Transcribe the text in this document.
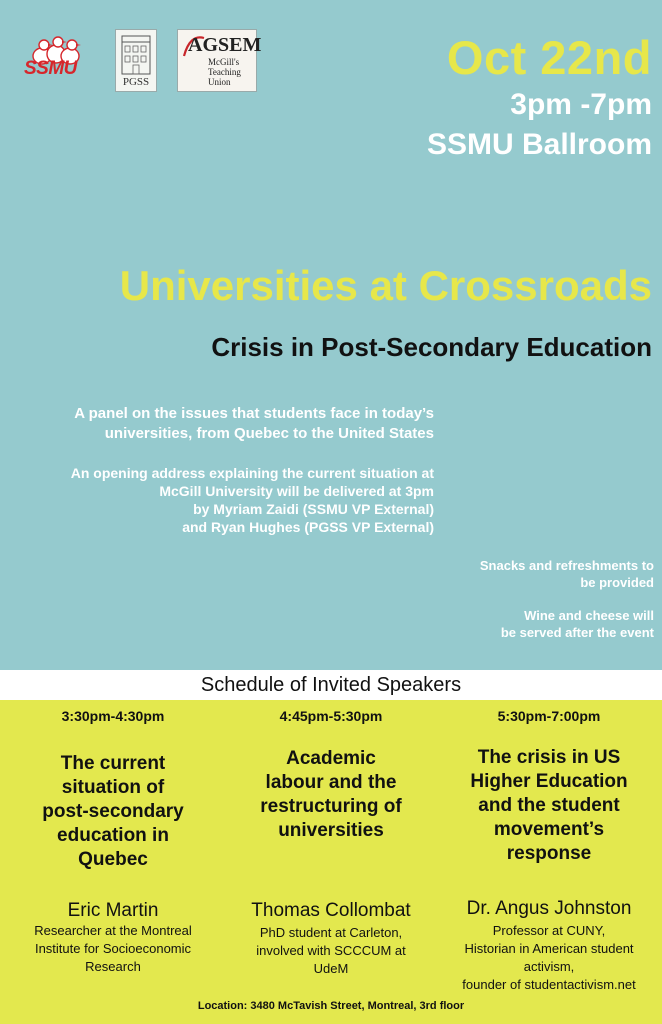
SSMU
PGSS
AGSEM
McGill's
Teaching
Union	Oct 22nd
3pm -7pm
SSMU Ballroom
Universities at Crossroads
Crisis in Post-Secondary Education
A panel on the issues that students face in today’s
universities, from Quebec to the United States
An opening address explaining the current situation at
McGill University will be delivered at 3pm
by Myriam Zaidi (SSMU VP External)
and Ryan Hughes (PGSS VP External)
Snacks and refreshments to
be provided
Wine and cheese will
be served after the event
Schedule of Invited Speakers
3:30pm-4:30pm
The current
situation of
post-secondary
education in
Quebec
Eric Martin
Researcher at the Montreal
Institute for Socioeconomic
Research
4:45pm-5:30pm
Academic
labour and the
restructuring of
universities
Thomas Collombat
PhD student at Carleton,
involved with SCCCUM at
UdeM
5:30pm-7:00pm
The crisis in US
Higher Education
and the student
movement’s
response
Dr. Angus Johnston
Professor at CUNY,
Historian in American student
activism,
founder of studentactivism.net
Location: 3480 McTavish Street, Montreal, 3rd floor
